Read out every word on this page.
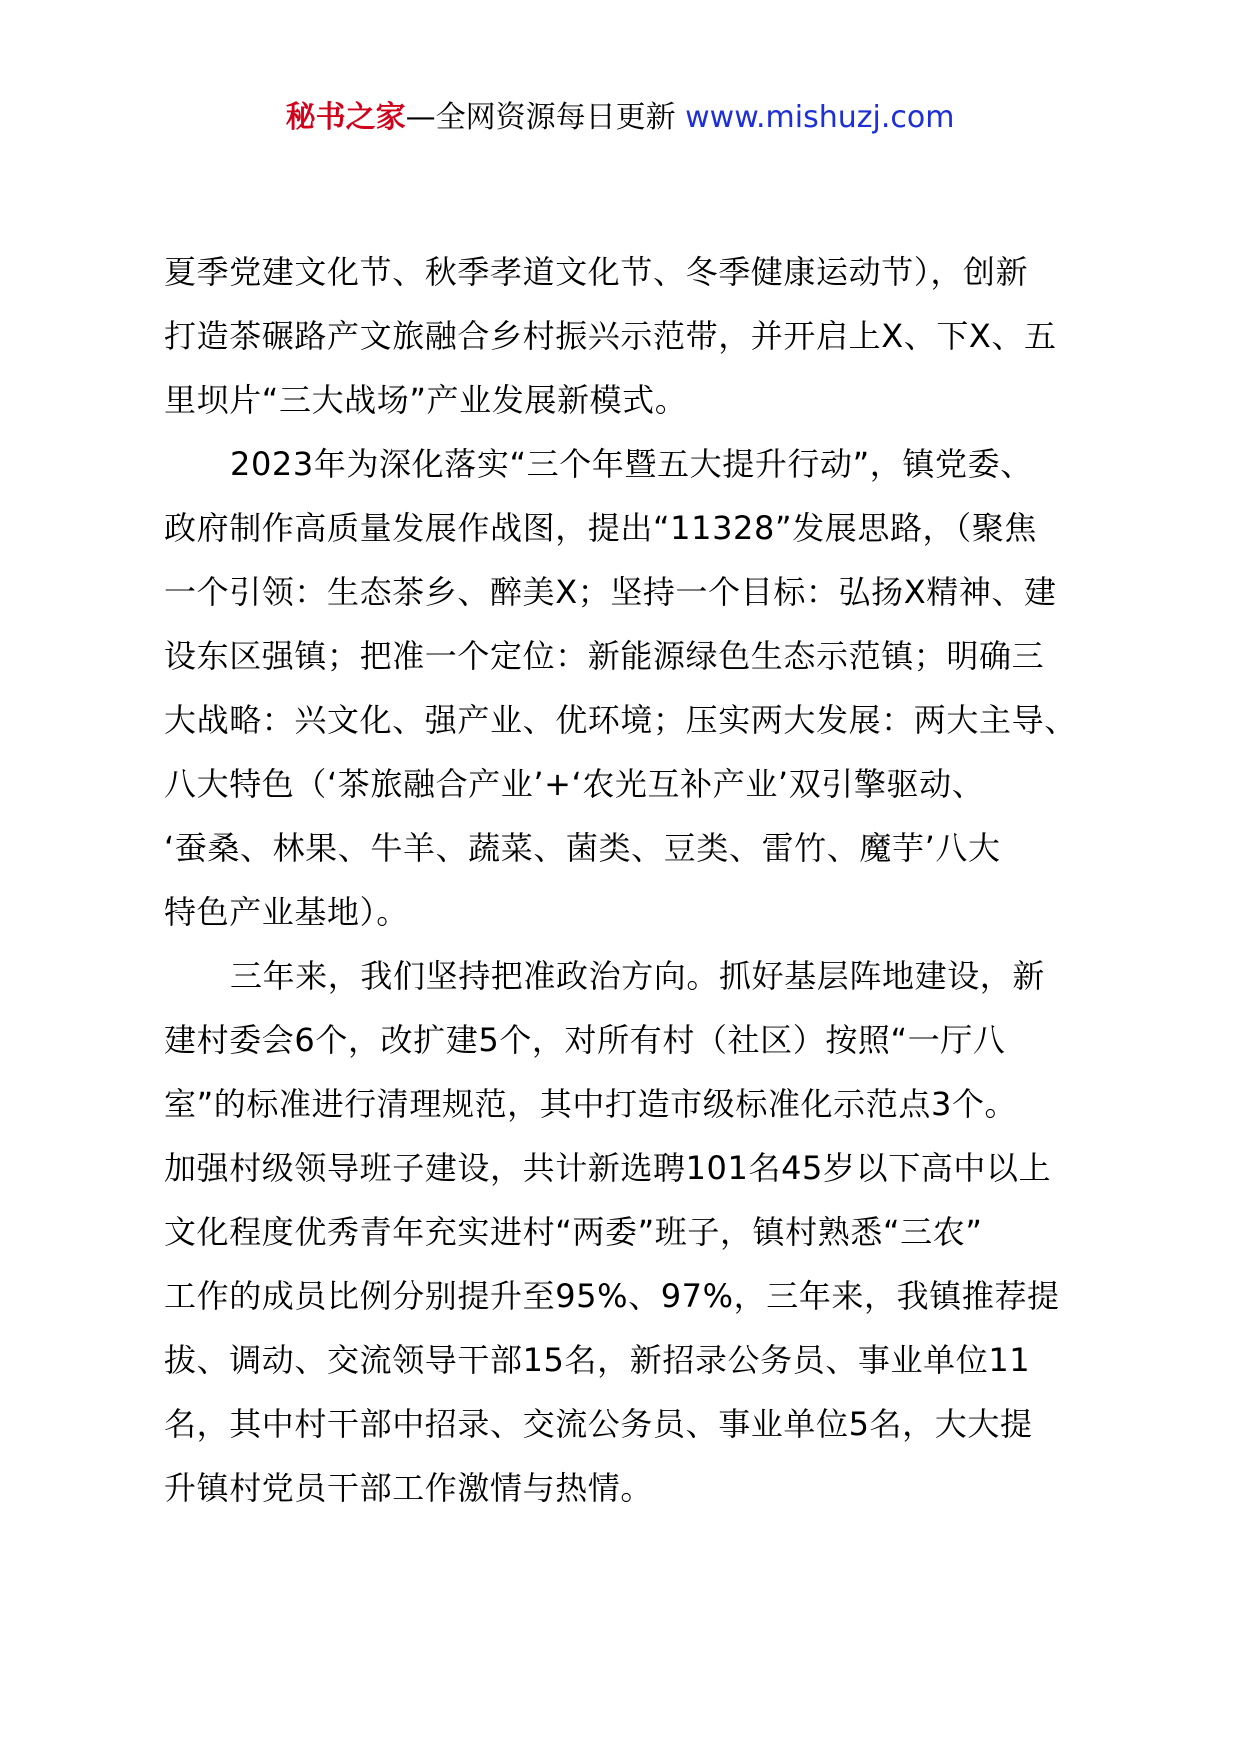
秘书之家—全网资源每日更新 www.mishuzj.com
夏季党建文化节、秋季孝道文化节、冬季健康运动节），创新
打造茶碾路产文旅融合乡村振兴示范带，并开启上X、下X、五
里坝片“三大战场”产业发展新模式。
2023年为深化落实“三个年暨五大提升行动”，镇党委、
政府制作高质量发展作战图，提出“11328”发展思路，（聚焦
一个引领：生态茶乡、醉美X；坚持一个目标：弘扬X精神、建
设东区强镇；把准一个定位：新能源绿色生态示范镇；明确三
大战略：兴文化、强产业、优环境；压实两大发展：两大主导、
八大特色（‘茶旅融合产业’+‘农光互补产业’双引擎驱动、
‘蚕桑、林果、牛羊、蔬菜、菌类、豆类、雷竹、魔芋’八大
特色产业基地）。
三年来，我们坚持把准政治方向。抓好基层阵地建设，新
建村委会6个，改扩建5个，对所有村（社区）按照“一厅八
室”的标准进行清理规范，其中打造市级标准化示范点3个。
加强村级领导班子建设，共计新选聘101名45岁以下高中以上
文化程度优秀青年充实进村“两委”班子，镇村熟悉“三农”
工作的成员比例分别提升至95%、97%，三年来，我镇推荐提
拔、调动、交流领导干部15名，新招录公务员、事业单位11
名，其中村干部中招录、交流公务员、事业单位5名，大大提
升镇村党员干部工作激情与热情。
